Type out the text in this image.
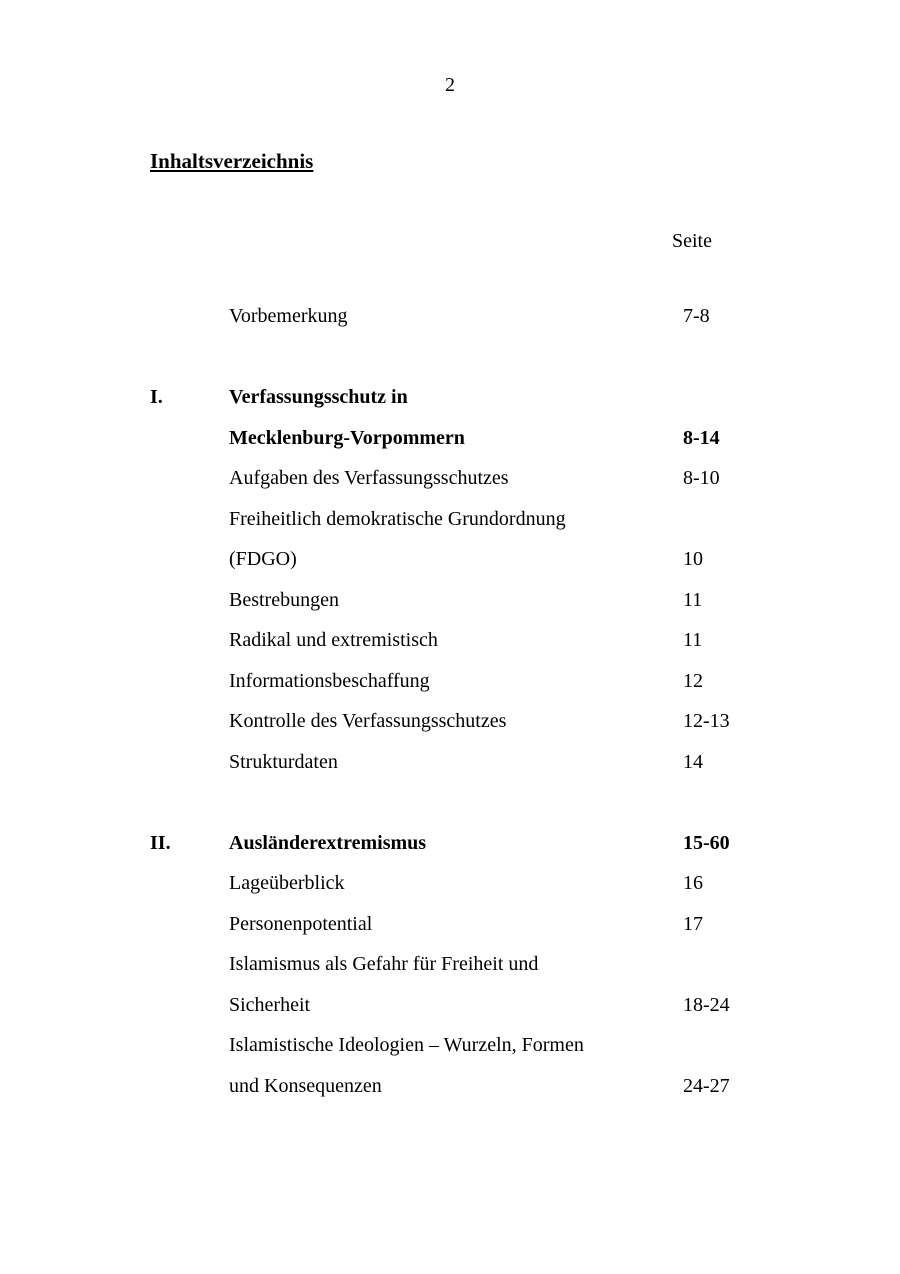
2
Inhaltsverzeichnis
Seite
Vorbemerkung	7-8
I.	Verfassungsschutz in
Mecklenburg-Vorpommern	8-14
Aufgaben des Verfassungsschutzes	8-10
Freiheitlich demokratische Grundordnung
(FDGO)	10
Bestrebungen	11
Radikal und extremistisch	11
Informationsbeschaffung	12
Kontrolle des Verfassungsschutzes	12-13
Strukturdaten	14
II.	Ausländerextremismus	15-60
Lageüberblick	16
Personenpotential	17
Islamismus als Gefahr für Freiheit und
Sicherheit	18-24
Islamistische Ideologien – Wurzeln, Formen
und Konsequenzen	24-27
